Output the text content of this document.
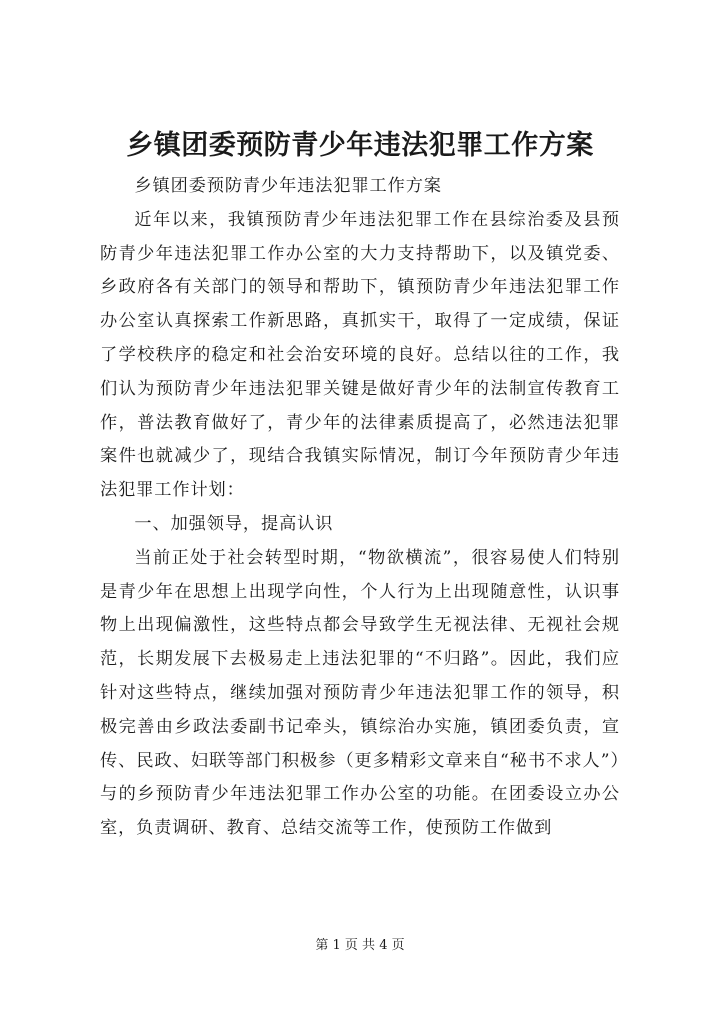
乡镇团委预防青少年违法犯罪工作方案

乡镇团委预防青少年违法犯罪工作方案

近年以来，我镇预防青少年违法犯罪工作在县综治委及县预防青少年违法犯罪工作办公室的大力支持帮助下，以及镇党委、乡政府各有关部门的领导和帮助下，镇预防青少年违法犯罪工作办公室认真探索工作新思路，真抓实干，取得了一定成绩，保证了学校秩序的稳定和社会治安环境的良好。总结以往的工作，我们认为预防青少年违法犯罪关键是做好青少年的法制宣传教育工作，普法教育做好了，青少年的法律素质提高了，必然违法犯罪案件也就减少了，现结合我镇实际情况，制订今年预防青少年违法犯罪工作计划：

一、加强领导，提高认识

当前正处于社会转型时期，“物欲横流”，很容易使人们特别是青少年在思想上出现学向性，个人行为上出现随意性，认识事物上出现偏激性，这些特点都会导致学生无视法律、无视社会规范，长期发展下去极易走上违法犯罪的“不归路”。因此，我们应针对这些特点，继续加强对预防青少年违法犯罪工作的领导，积极完善由乡政法委副书记牵头，镇综治办实施，镇团委负责，宣传、民政、妇联等部门积极参（更多精彩文章来自“秘书不求人”）与的乡预防青少年违法犯罪工作办公室的功能。在团委设立办公室，负责调研、教育、总结交流等工作，使预防工作做到

第 1 页 共 4 页
